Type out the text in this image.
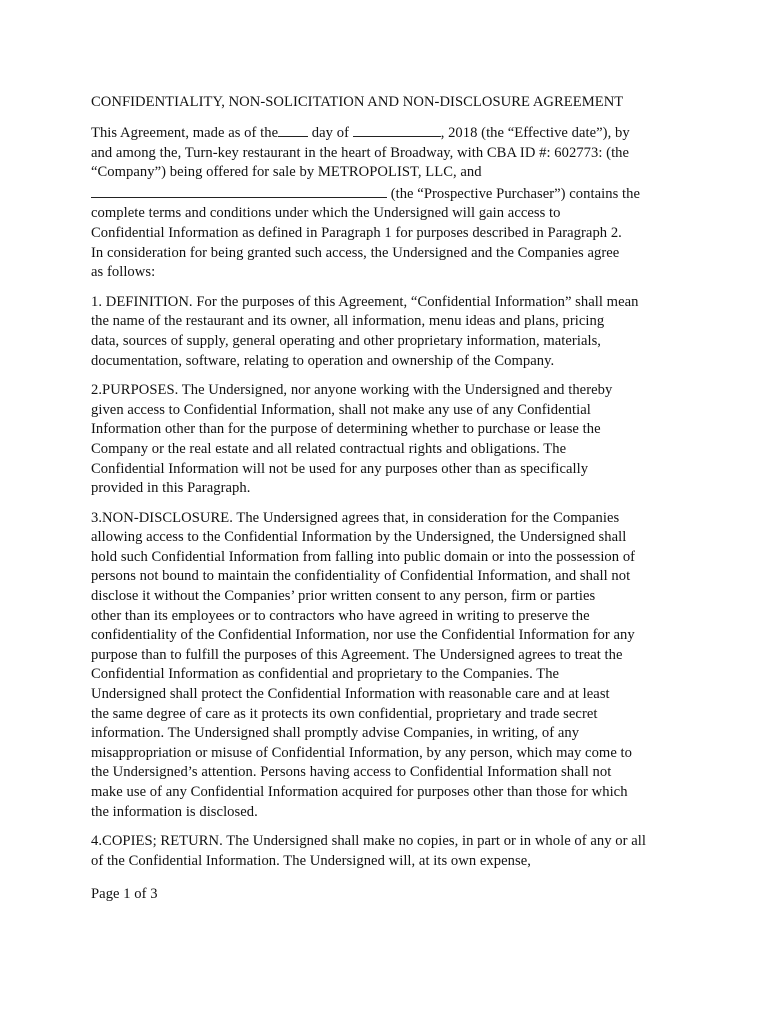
CONFIDENTIALITY, NON-SOLICITATION AND NON-DISCLOSURE AGREEMENT
This Agreement, made as of the day of	, 2018 (the “Effective date”), by
and among the, Turn-key restaurant in the heart of Broadway, with CBA ID #: 602773: (the
“Company”) being offered for sale by METROPOLIST, LLC, and
(the “Prospective Purchaser”) contains the
complete terms and conditions under which the Undersigned will gain access to
Confidential Information as defined in Paragraph 1 for purposes described in Paragraph 2.
In consideration for being granted such access, the Undersigned and the Companies agree
as follows:
1. DEFINITION. For the purposes of this Agreement, “Confidential Information” shall mean
the name of the restaurant and its owner, all information, menu ideas and plans, pricing
data, sources of supply, general operating and other proprietary information, materials,
documentation, software, relating to operation and ownership of the Company.
2.PURPOSES. The Undersigned, nor anyone working with the Undersigned and thereby
given access to Confidential Information, shall not make any use of any Confidential
Information other than for the purpose of determining whether to purchase or lease the
Company or the real estate and all related contractual rights and obligations. The
Confidential Information will not be used for any purposes other than as specifically
provided in this Paragraph.
3.NON-DISCLOSURE. The Undersigned agrees that, in consideration for the Companies
allowing access to the Confidential Information by the Undersigned, the Undersigned shall
hold such Confidential Information from falling into public domain or into the possession of
persons not bound to maintain the confidentiality of Confidential Information, and shall not
disclose it without the Companies’ prior written consent to any person, firm or parties
other than its employees or to contractors who have agreed in writing to preserve the
confidentiality of the Confidential Information, nor use the Confidential Information for any
purpose than to fulfill the purposes of this Agreement. The Undersigned agrees to treat the
Confidential Information as confidential and proprietary to the Companies. The
Undersigned shall protect the Confidential Information with reasonable care and at least
the same degree of care as it protects its own confidential, proprietary and trade secret
information. The Undersigned shall promptly advise Companies, in writing, of any
misappropriation or misuse of Confidential Information, by any person, which may come to
the Undersigned’s attention. Persons having access to Confidential Information shall not
make use of any Confidential Information acquired for purposes other than those for which
the information is disclosed.
4.COPIES; RETURN. The Undersigned shall make no copies, in part or in whole of any or all
of the Confidential Information. The Undersigned will, at its own expense,
Page 1 of 3
